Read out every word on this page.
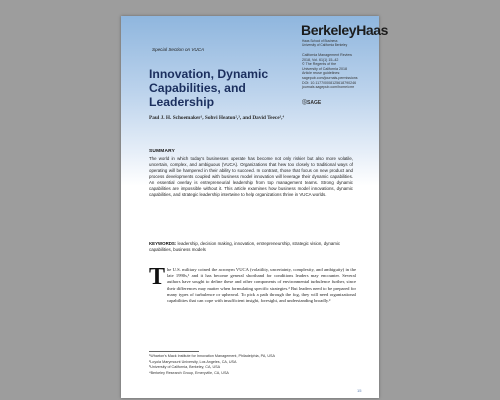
Special Section on VUCA
BerkeleyHaas
Haas School of Business
University of California Berkeley
California Management Review
2018, Vol. 61(1) 15–42
© The Regents of the
University of California 2018
Article reuse guidelines:
sagepub.com/journals-permissions
DOI: 10.1177/0008125618790246
journals.sagepub.com/home/cmr
ⓈSAGE
Innovation, Dynamic Capabilities, and Leadership
Paul J. H. Schoemaker¹, Sohvi Heaton²,³, and David Teece³,⁴
SUMMARY
The world in which today’s businesses operate has become not only riskier but also more volatile, uncertain, complex, and ambiguous (VUCA). Organizations that hew too closely to traditional ways of operating will be hampered in their ability to succeed. In contrast, those that focus on new product and process developments coupled with business model innovation will leverage their dynamic capabilities. An essential overlay is entrepreneurial leadership from top management teams. Strong dynamic capabilities are impossible without it. This article examines how business model innovations, dynamic capabilities, and strategic leadership intertwine to help organizations thrive in VUCA worlds.
KEYWORDS: leadership, decision making, innovation, entrepreneurship, strategic vision, dynamic capabilities, business models
T he U.S. military coined the acronym VUCA (volatility, uncertainty, complexity, and ambiguity) in the late 1990s,¹ and it has become general shorthand for conditions leaders may encounter. Several authors have sought to define these and other components of environmental turbulence further, since their differences may matter when formulating specific strategies.² But leaders need to be prepared for many types of turbulence or upheaval. To pick a path through the fog, they will need organizational capabilities that can cope with insufficient insight, foresight, and understanding broadly.³
¹Wharton’s Mack Institute for Innovation Management, Philadelphia, PA, USA
²Loyola Marymount University, Los Angeles, CA, USA
³University of California, Berkeley, CA, USA
⁴Berkeley Research Group, Emeryville, CA, USA
15
